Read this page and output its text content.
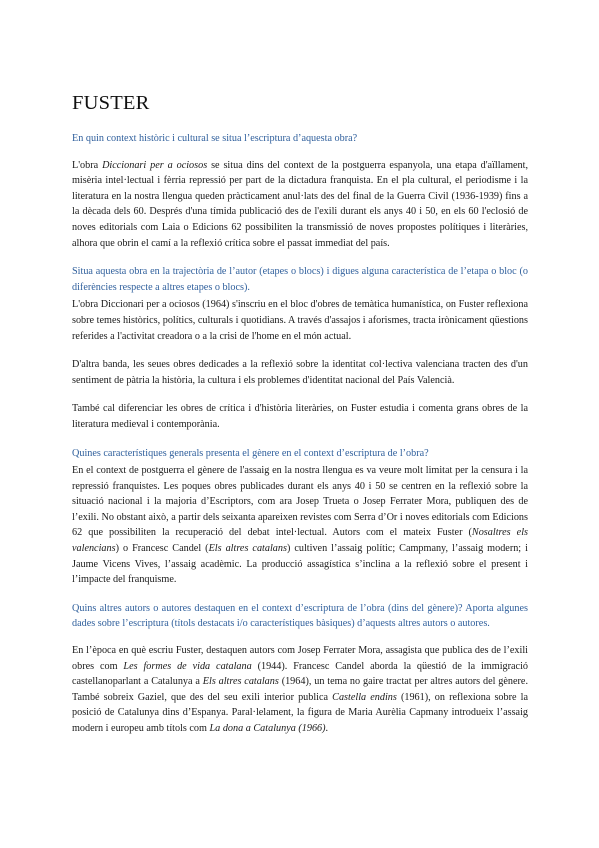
FUSTER
En quin context històric i cultural se situa l’escriptura d’aquesta obra?

L'obra Diccionari per a ociosos se situa dins del context de la postguerra espanyola, una etapa d'aïllament, misèria intel·lectual i fèrria repressió per part de la dictadura franquista. En el pla cultural, el periodisme i la literatura en la nostra llengua queden pràcticament anul·lats des del final de la Guerra Civil (1936-1939) fins a la dècada dels 60. Després d'una tímida publicació des de l'exili durant els anys 40 i 50, en els 60 l'eclosió de noves editorials com Laia o Edicions 62 possibiliten la transmissió de noves propostes polítiques i literàries, alhora que obrin el camí a la reflexió crítica sobre el passat immediat del país.

Situa aquesta obra en la trajectòria de l’autor (etapes o blocs) i digues alguna característica de l’etapa o bloc (o diferències respecte a altres etapes o blocs).

L'obra Diccionari per a ociosos (1964) s'inscriu en el bloc d'obres de temàtica humanística, on Fuster reflexiona sobre temes històrics, polítics, culturals i quotidians. A través d'assajos i aforismes, tracta irònicament qüestions referides a l'activitat creadora o a la crisi de l'home en el món actual.

D'altra banda, les seues obres dedicades a la reflexió sobre la identitat col·lectiva valenciana tracten des d'un sentiment de pàtria la història, la cultura i els problemes d'identitat nacional del País Valencià.

També cal diferenciar les obres de crítica i d'història literàries, on Fuster estudia i comenta grans obres de la literatura medieval i contemporània.

Quines característiques generals presenta el gènere en el context d’escriptura de l’obra?

En el context de postguerra el gènere de l'assaig en la nostra llengua es va veure molt limitat per la censura i la repressió franquistes. Les poques obres publicades durant els anys 40 i 50 se centren en la reflexió sobre la situació nacional i la majoria d’Escriptors, com ara Josep Trueta o Josep Ferrater Mora, publiquen des de l’exili. No obstant això, a partir dels seixanta apareixen revistes com Serra d’Or i noves editorials com Edicions 62 que possibiliten la recuperació del debat intel·lectual. Autors com el mateix Fuster (Nosaltres els valencians) o Francesc Candel (Els altres catalans) cultiven l’assaig polític; Campmany, l’assaig modern; i Jaume Vicens Vives, l’assaig acadèmic. La producció assagística s’inclina a la reflexió sobre el present i l’impacte del franquisme.

Quins altres autors o autores destaquen en el context d’escriptura de l’obra (dins del gènere)? Aporta algunes dades sobre l’escriptura (títols destacats i/o característiques bàsiques) d’aquests altres autors o autores.

En l’època en què escriu Fuster, destaquen autors com Josep Ferrater Mora, assagista que publica des de l’exili obres com Les formes de vida catalana (1944). Francesc Candel aborda la qüestió de la immigració castellanoparlant a Catalunya a Els altres catalans (1964), un tema no gaire tractat per altres autors del gènere. També sobreix Gaziel, que des del seu exili interior publica Castella endins (1961), on reflexiona sobre la posició de Catalunya dins d’Espanya. Paral·lelament, la figura de Maria Aurèlia Capmany introdueix l’assaig modern i europeu amb títols com La dona a Catalunya (1966).
